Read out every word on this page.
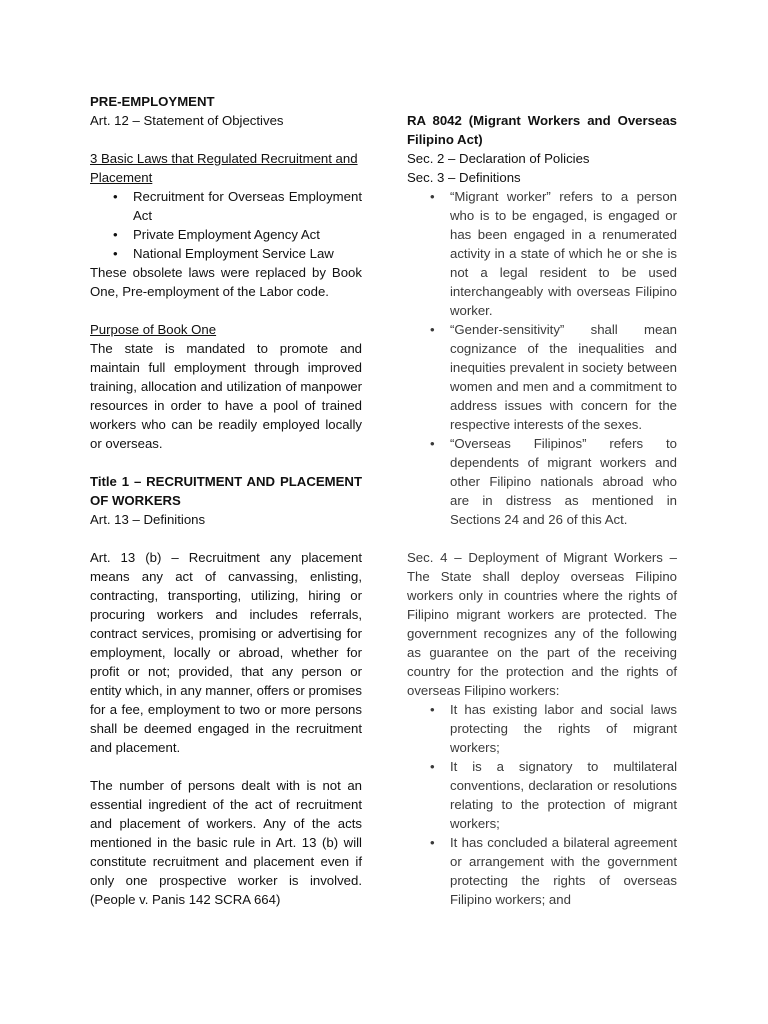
PRE-EMPLOYMENT
Art. 12 – Statement of Objectives
3 Basic Laws that Regulated Recruitment and Placement
• Recruitment for Overseas Employment Act
• Private Employment Agency Act
• National Employment Service Law
These obsolete laws were replaced by Book One, Pre-employment of the Labor code.
Purpose of Book One
The state is mandated to promote and maintain full employment through improved training, allocation and utilization of manpower resources in order to have a pool of trained workers who can be readily employed locally or overseas.
Title 1 – RECRUITMENT AND PLACEMENT OF WORKERS
Art. 13 – Definitions
Art. 13 (b) – Recruitment any placement means any act of canvassing, enlisting, contracting, transporting, utilizing, hiring or procuring workers and includes referrals, contract services, promising or advertising for employment, locally or abroad, whether for profit or not; provided, that any person or entity which, in any manner, offers or promises for a fee, employment to two or more persons shall be deemed engaged in the recruitment and placement.
The number of persons dealt with is not an essential ingredient of the act of recruitment and placement of workers. Any of the acts mentioned in the basic rule in Art. 13 (b) will constitute recruitment and placement even if only one prospective worker is involved. (People v. Panis 142 SCRA 664)
RA 8042 (Migrant Workers and Overseas Filipino Act)
Sec. 2 – Declaration of Policies
Sec. 3 – Definitions
• “Migrant worker” refers to a person who is to be engaged, is engaged or has been engaged in a renumerated activity in a state of which he or she is not a legal resident to be used interchangeably with overseas Filipino worker.
• “Gender-sensitivity” shall mean cognizance of the inequalities and inequities prevalent in society between women and men and a commitment to address issues with concern for the respective interests of the sexes.
• “Overseas Filipinos” refers to dependents of migrant workers and other Filipino nationals abroad who are in distress as mentioned in Sections 24 and 26 of this Act.
Sec. 4 – Deployment of Migrant Workers – The State shall deploy overseas Filipino workers only in countries where the rights of Filipino migrant workers are protected. The government recognizes any of the following as guarantee on the part of the receiving country for the protection and the rights of overseas Filipino workers:
• It has existing labor and social laws protecting the rights of migrant workers;
• It is a signatory to multilateral conventions, declaration or resolutions relating to the protection of migrant workers;
• It has concluded a bilateral agreement or arrangement with the government protecting the rights of overseas Filipino workers; and
